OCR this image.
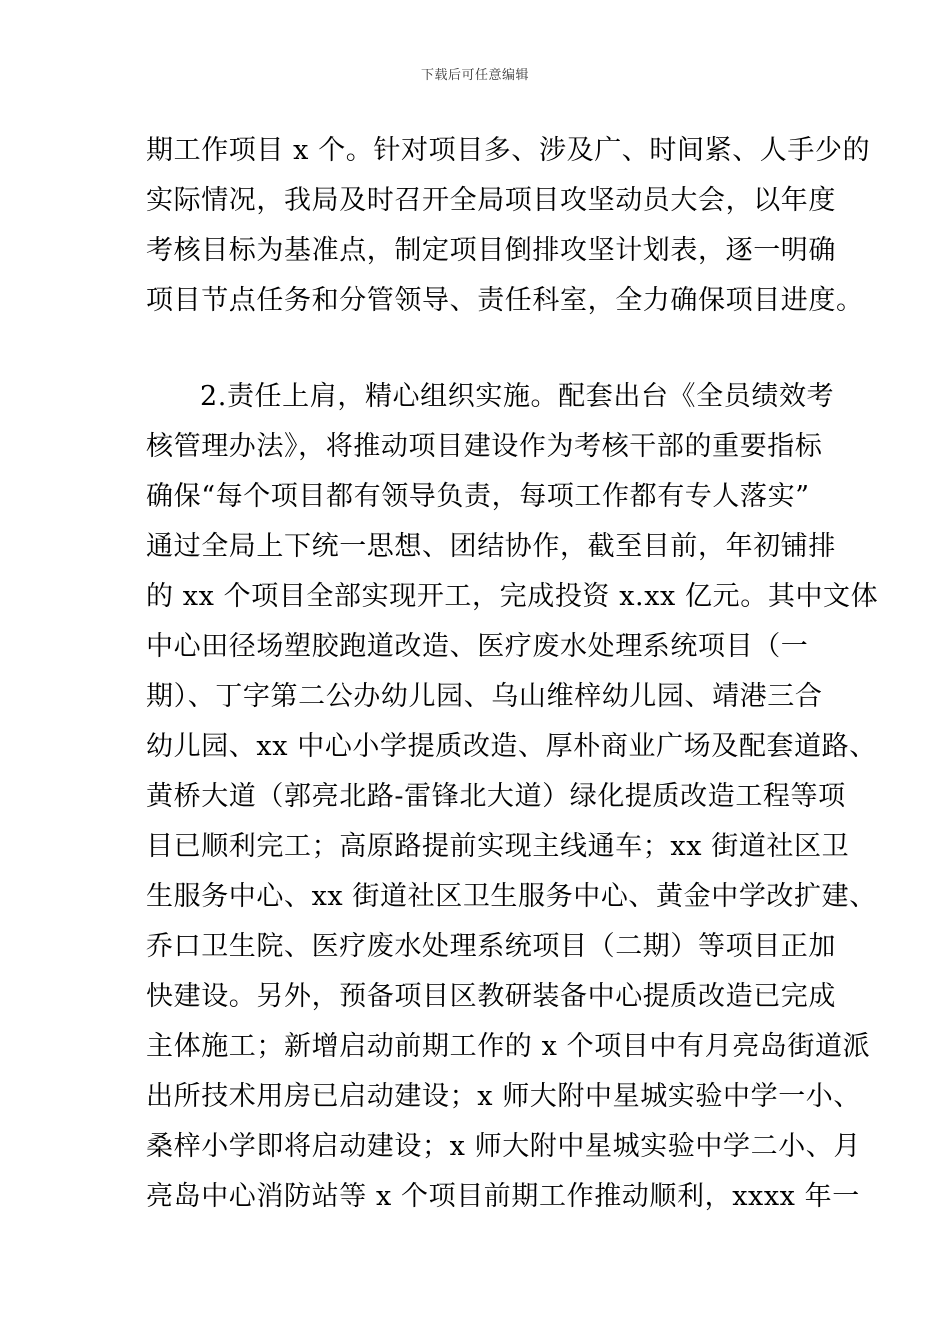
下载后可任意编辑
期工作项目 x 个。针对项目多、涉及广、时间紧、人手少的
实际情况，我局及时召开全局项目攻坚动员大会，以年度
考核目标为基准点，制定项目倒排攻坚计划表，逐一明确
项目节点任务和分管领导、责任科室，全力确保项目进度。
2.责任上肩，精心组织实施。配套出台《全员绩效考
核管理办法》，将推动项目建设作为考核干部的重要指标
确保“每个项目都有领导负责，每项工作都有专人落实”
通过全局上下统一思想、团结协作，截至目前，年初铺排
的 xx 个项目全部实现开工，完成投资 x.xx 亿元。其中文体
中心田径场塑胶跑道改造、医疗废水处理系统项目（一
期）、丁字第二公办幼儿园、乌山维梓幼儿园、靖港三合
幼儿园、xx 中心小学提质改造、厚朴商业广场及配套道路、
黄桥大道（郭亮北路-雷锋北大道）绿化提质改造工程等项
目已顺利完工；高原路提前实现主线通车；xx 街道社区卫
生服务中心、xx 街道社区卫生服务中心、黄金中学改扩建、
乔口卫生院、医疗废水处理系统项目（二期）等项目正加
快建设。另外，预备项目区教研装备中心提质改造已完成
主体施工；新增启动前期工作的 x 个项目中有月亮岛街道派
出所技术用房已启动建设；x 师大附中星城实验中学一小、
桑梓小学即将启动建设；x 师大附中星城实验中学二小、月
亮岛中心消防站等 x 个项目前期工作推动顺利，xxxx 年一
